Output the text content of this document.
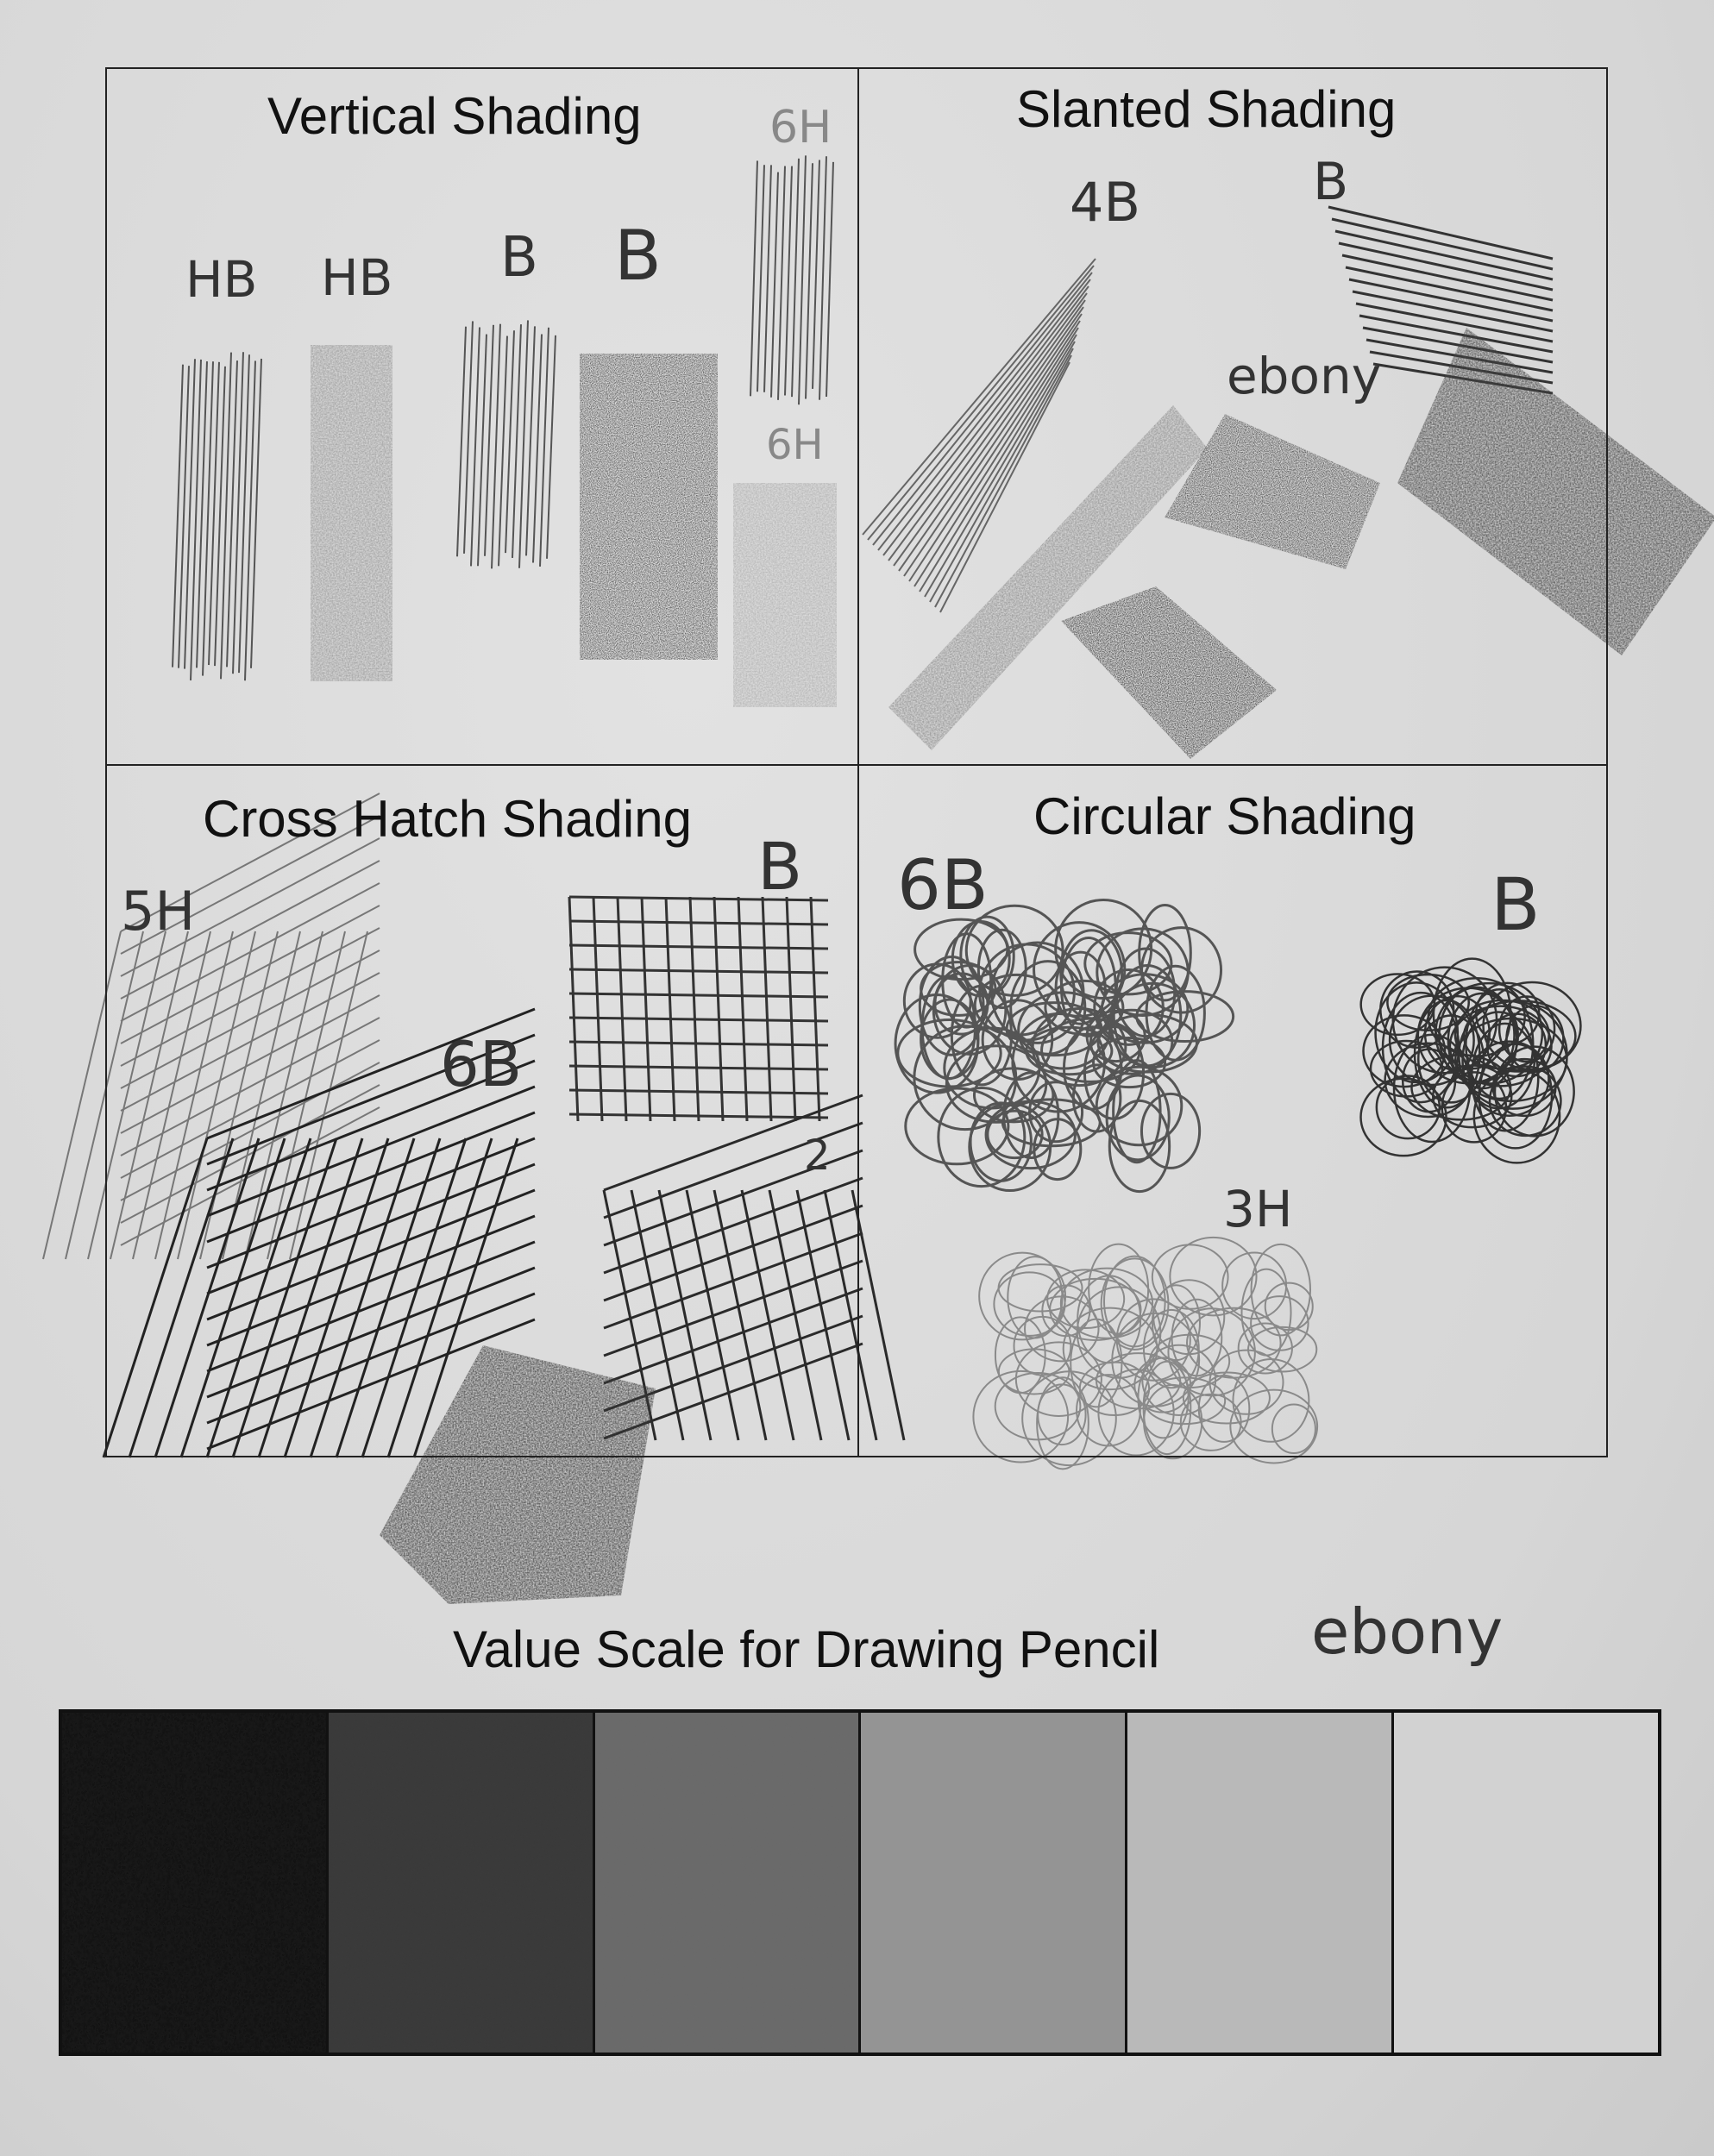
Vertical Shading	Slanted Shading
Cross Hatch Shading	Circular Shading
HB HB B B
6H
6H
4B	B
ebony
5H
B
6B
2
6B	B
3H
Value Scale for Drawing Pencil ebony
